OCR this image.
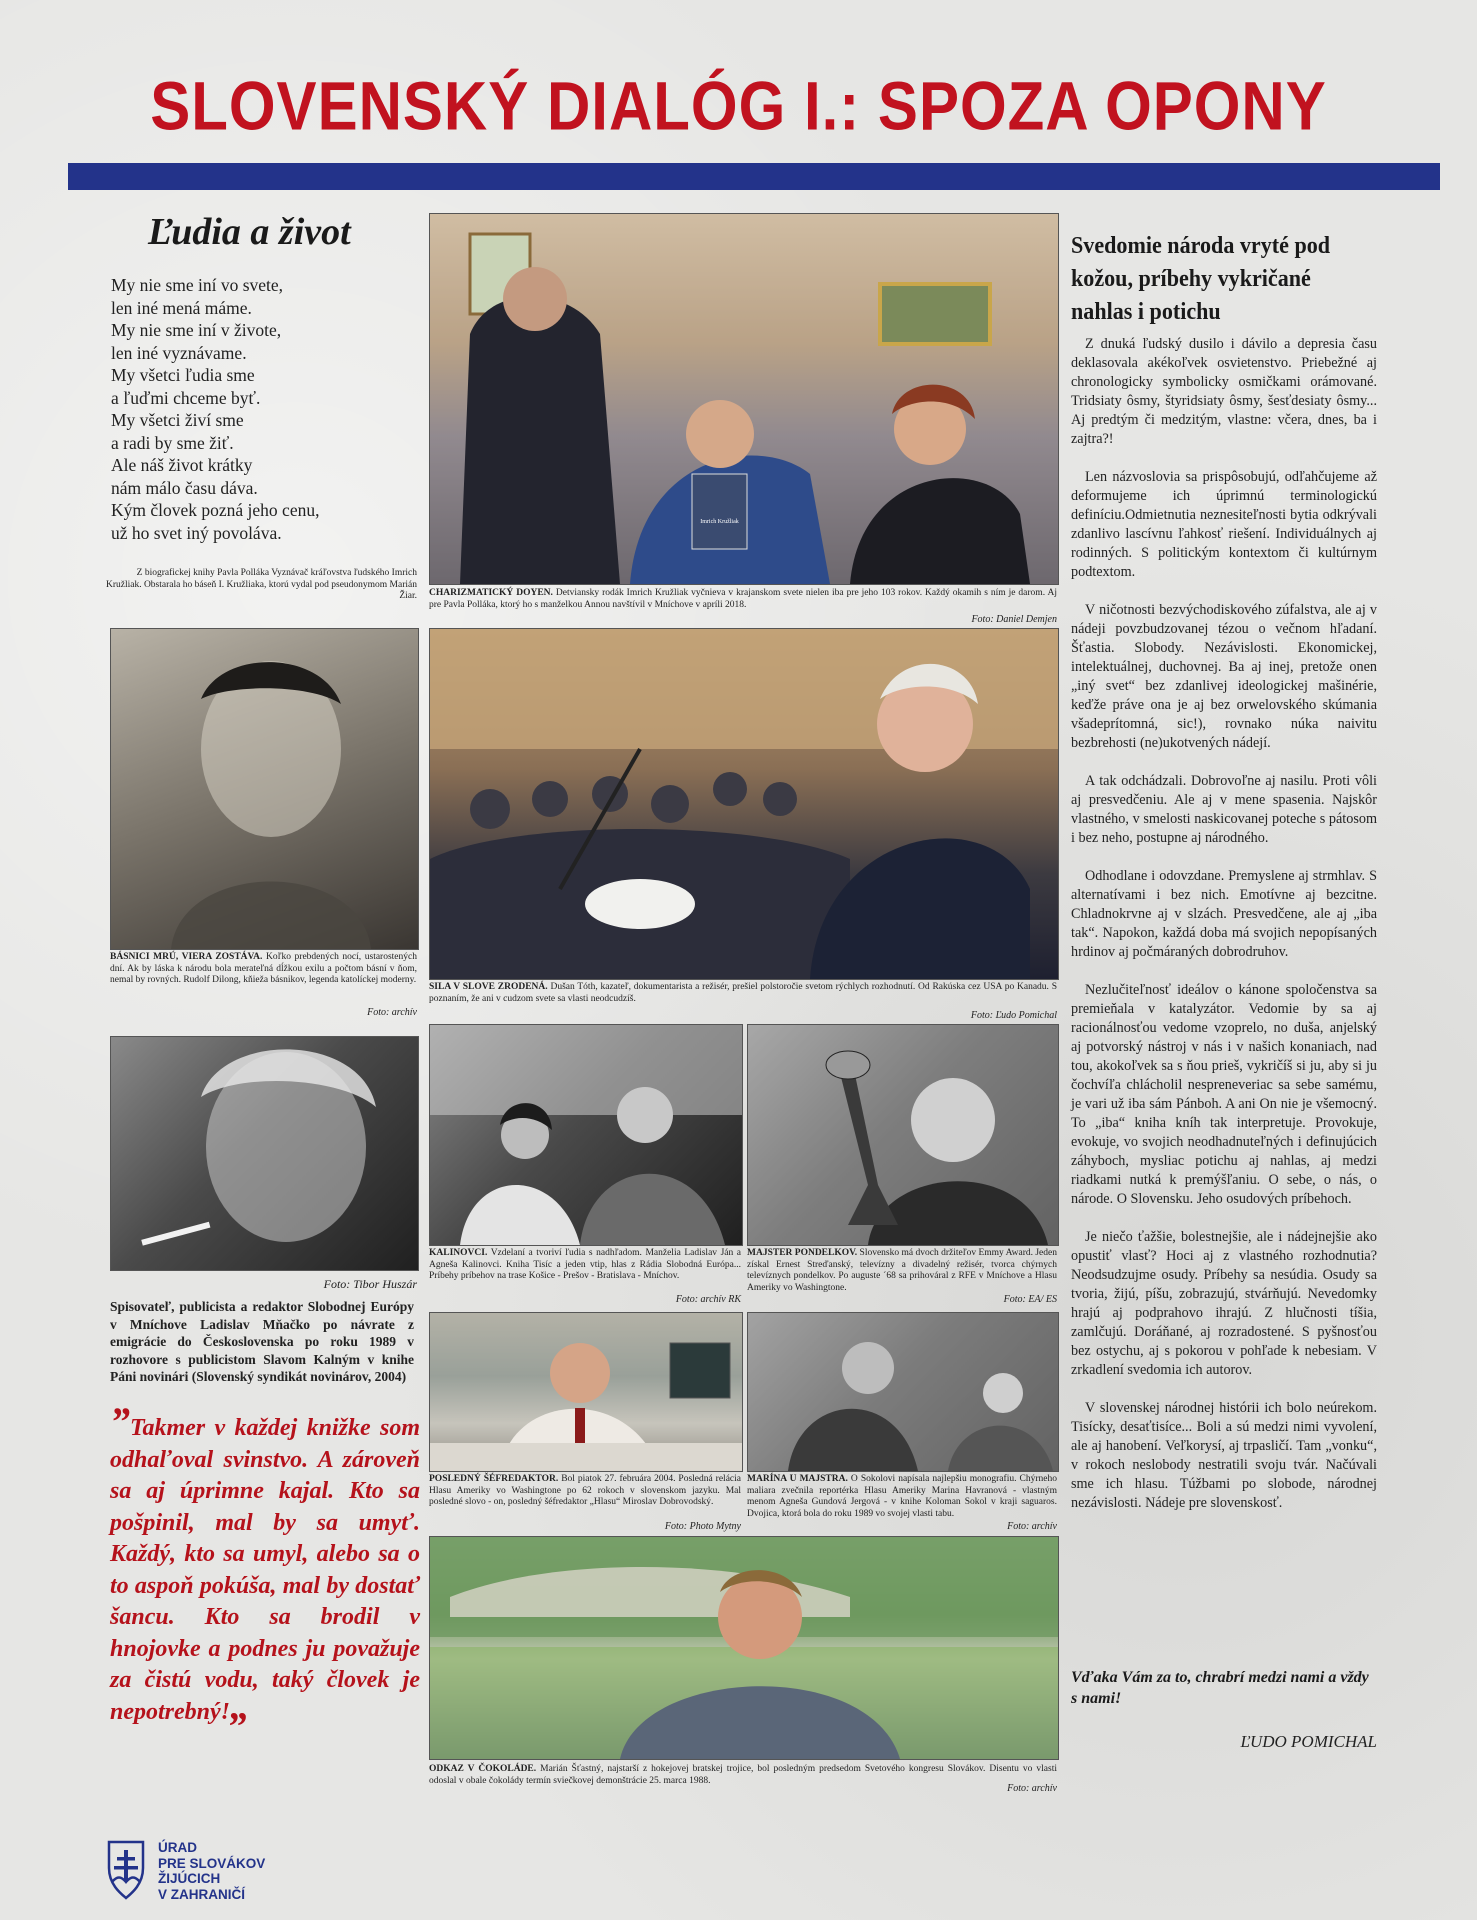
SLOVENSKÝ DIALÓG I.: SPOZA OPONY
Ľudia a život
My nie sme iní vo svete,
len iné mená máme.
My nie sme iní v živote,
len iné vyznávame.
My všetci ľudia sme
a ľuďmi chceme byť.
My všetci živí sme
a radi by sme žiť.
Ale náš život krátky
nám málo času dáva.
Kým človek pozná jeho cenu,
už ho svet iný povoláva.
Z biografickej knihy Pavla Polláka Vyznávač kráľovstva ľudského Imrich Kružliak. Obstarala ho báseň I. Kružliaka, ktorú vydal pod pseudonymom Marián Žiar.
BÁSNICI MRÚ, VIERA ZOSTÁVA. Koľko prebdených nocí, ustarostených dní. Ak by láska k národu bola merateľná dĺžkou exilu a počtom básní v ňom, nemal by rovných. Rudolf Dilong, kňieža básnikov, legenda katolíckej moderny.
Foto: archív
Foto: Tibor Huszár
Spisovateľ, publicista a redaktor Slobodnej Európy v Mníchove Ladislav Mňačko po návrate z emigrácie do Československa po roku 1989 v rozhovore s publicistom Slavom Kalným v knihe Páni novinári (Slovenský syndikát novinárov, 2004)
”Takmer v každej knižke som odhaľoval svinstvo. A zároveň sa aj úprimne kajal. Kto sa pošpinil, mal by sa umyť. Každý, kto sa umyl, alebo sa o to aspoň pokúša, mal by dostať šancu. Kto sa brodil v hnojovke a podnes ju považuje za čistú vodu, taký človek je nepotrebný!„
Imrich Kružliak
CHARIZMATICKÝ DOYEN. Detviansky rodák Imrich Kružliak vyčnieva v krajanskom svete nielen iba pre jeho 103 rokov. Každý okamih s ním je darom. Aj pre Pavla Polláka, ktorý ho s manželkou Annou navštívil v Mníchove v apríli 2018.
Foto: Daniel Demjen
SILA V SLOVE ZRODENÁ. Dušan Tóth, kazateľ, dokumentarista a režisér, prešiel polstoročie svetom rýchlych rozhodnutí. Od Rakúska cez USA po Kanadu. S poznaním, že ani v cudzom svete sa vlasti neodcudzíš.
Foto: Ľudo Pomichal
KALINOVCI. Vzdelaní a tvoriví ľudia s nadhľadom. Manželia Ladislav Ján a Agneša Kalinovci. Kniha Tisíc a jeden vtip, hlas z Rádia Slobodná Európa... Príbehy príbehov na trase Košice - Prešov - Bratislava - Mníchov.
Foto: archív RK
MAJSTER PONDELKOV. Slovensko má dvoch držiteľov Emmy Award. Jeden získal Ernest Streďanský, televízny a divadelný režisér, tvorca chýrnych televíznych pondelkov. Po auguste ´68 sa prihováral z RFE v Mníchove a Hlasu Ameriky vo Washingtone.
Foto: EA/ ES
POSLEDNÝ ŠÉFREDAKTOR. Bol piatok 27. februára 2004. Posledná relácia Hlasu Ameriky vo Washingtone po 62 rokoch v slovenskom jazyku. Mal posledné slovo - on, posledný šéfredaktor „Hlasu“ Miroslav Dobrovodský.
Foto: Photo Mytny
MARÍNA U MAJSTRA. O Sokolovi napísala najlepšiu monografiu. Chýrneho maliara zvečnila reportérka Hlasu Ameriky Marina Havranová - vlastným menom Agneša Gundová Jergová - v knihe Koloman Sokol v kraji saguaros. Dvojica, ktorá bola do roku 1989 vo svojej vlasti tabu.
Foto: archív
ODKAZ V ČOKOLÁDE. Marián Šťastný, najstarší z hokejovej bratskej trojice, bol posledným predsedom Svetového kongresu Slovákov. Disentu vo vlasti odoslal v obale čokolády termín sviečkovej demonštrácie 25. marca 1988.
Foto: archív
Svedomie národa vryté pod kožou, príbehy vykričané nahlas i potichu

Z dnuká ľudský dusilo i dávilo a depresia času deklasovala akékoľvek osvietenstvo. Priebežné aj chronologicky symbolicky osmičkami orámované. Tridsiaty ôsmy, štyridsiaty ôsmy, šesťdesiaty ôsmy... Aj predtým či medzitým, vlastne: včera, dnes, ba i zajtra?!

Len názvoslovia sa prispôsobujú, odľahčujeme až deformujeme ich úprimnú terminologickú definíciu.Odmietnutia neznesiteľnosti bytia odkrývali zdanlivo lascívnu ľahkosť riešení. Individuálnych aj rodinných. S politickým kontextom či kultúrnym podtextom.

V ničotnosti bezvýchodiskového zúfalstva, ale aj v nádeji povzbudzovanej tézou o večnom hľadaní. Šťastia. Slobody. Nezávislosti. Ekonomickej, intelektuálnej, duchovnej. Ba aj inej, pretože onen „iný svet“ bez zdanlivej ideologickej mašinérie, keďže práve ona je aj bez orwelovského skúmania všadeprítomná, sic!), rovnako núka naivitu bezbrehosti (ne)ukotvených nádejí.

A tak odchádzali. Dobrovoľne aj nasilu. Proti vôli aj presvedčeniu. Ale aj v mene spasenia. Najskôr vlastného, v smelosti naskicovanej poteche s pátosom i bez neho, postupne aj národného.

Odhodlane i odovzdane. Premyslene aj strmhlav. S alternatívami i bez nich. Emotívne aj bezcitne. Chladnokrvne aj v slzách. Presvedčene, ale aj „iba tak“. Napokon, každá doba má svojich nepopísaných hrdinov aj počmáraných dobrodruhov.

Nezlučiteľnosť ideálov o kánone spoločenstva sa premieňala v katalyzátor. Vedomie by sa aj racionálnosťou vedome vzoprelo, no duša, anjelský aj potvorský nástroj v nás i v našich konaniach, nad tou, akokoľvek sa s ňou prieš, vykričíš si ju, aby si ju čochvíľa chlácholil nespreneveriac sa sebe samému, je vari už iba sám Pánboh. A ani On nie je všemocný. To „iba“ kniha kníh tak interpretuje. Provokuje, evokuje, vo svojich neodhadnuteľných i definujúcich záhyboch, mysliac potichu aj nahlas, aj medzi riadkami nutká k premýšľaniu. O sebe, o nás, o národe. O Slovensku. Jeho osudových príbehoch.

Je niečo ťažšie, bolestnejšie, ale i nádejnejšie ako opustiť vlasť? Hoci aj z vlastného rozhodnutia? Neodsudzujme osudy. Príbehy sa nesúdia. Osudy sa tvoria, žijú, píšu, zobrazujú, stvárňujú. Nevedomky hrajú aj podprahovo ihrajú. Z hlučnosti tíšia, zamlčujú. Doráňané, aj rozradostené. S pyšnosťou bez ostychu, aj s pokorou v pohľade k nebesiam. V zrkadlení svedomia ich autorov.

V slovenskej národnej histórii ich bolo neúrekom. Tisícky, desaťtisíce... Boli a sú medzi nimi vyvolení, ale aj hanobení. Veľkorysí, aj trpasličí. Tam „vonku“, v rokoch neslobody nestratili svoju tvár. Načúvali sme ich hlasu. Túžbami po slobode, národnej nezávislosti. Nádeje pre slovenskosť.

Vďaka Vám za to, chrabrí medzi nami a vždy s nami!
ĽUDO POMICHAL
ÚRAD
PRE SLOVÁKOV
ŽIJÚCICH
V ZAHRANIČÍ
